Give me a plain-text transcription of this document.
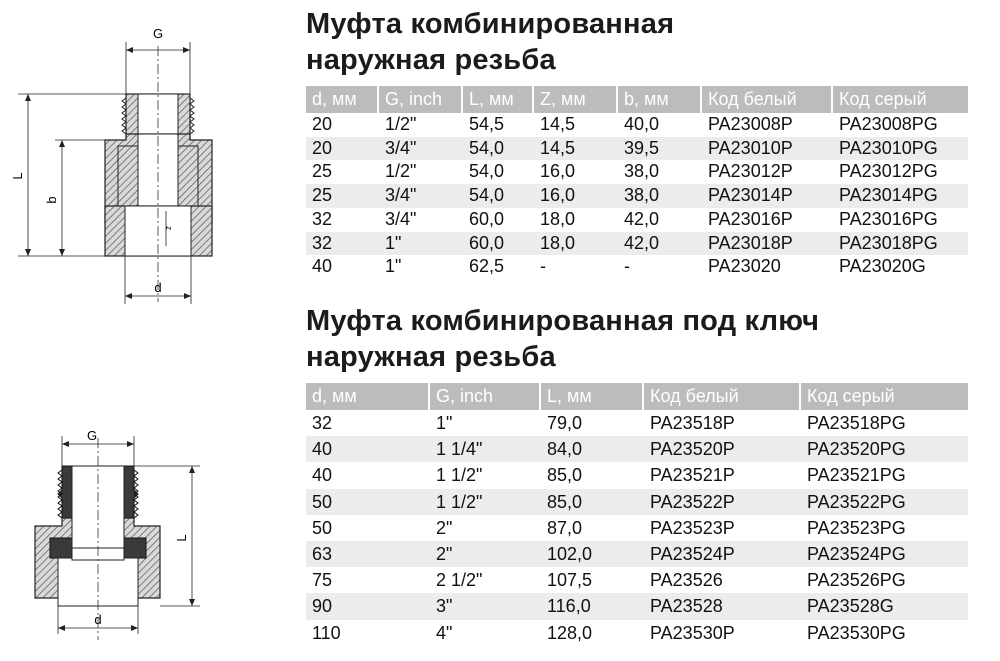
G
L
b
z
d
G
L
d
Муфта комбинированная
наружная резьба
d, мм	G, inch	L, мм	Z, мм	b, мм	Код белый	Код серый
20	1/2"	54,5	14,5	40,0	PA23008P	PA23008PG
20	3/4"	54,0	14,5	39,5	PA23010P	PA23010PG
25	1/2"	54,0	16,0	38,0	PA23012P	PA23012PG
25	3/4"	54,0	16,0	38,0	PA23014P	PA23014PG
32	3/4"	60,0	18,0	42,0	PA23016P	PA23016PG
32	1"	60,0	18,0	42,0	PA23018P	PA23018PG
40	1"	62,5	-	-	PA23020	PA23020G
Муфта комбинированная под ключ
наружная резьба
d, мм	G, inch	L, мм	Код белый	Код серый
32	1"	79,0	PA23518P	PA23518PG
40	1 1/4"	84,0	PA23520P	PA23520PG
40	1 1/2"	85,0	PA23521P	PA23521PG
50	1 1/2"	85,0	PA23522P	PA23522PG
50	2"	87,0	PA23523P	PA23523PG
63	2"	102,0	PA23524P	PA23524PG
75	2 1/2"	107,5	PA23526	PA23526PG
90	3"	116,0	PA23528	PA23528G
110	4"	128,0	PA23530P	PA23530PG
